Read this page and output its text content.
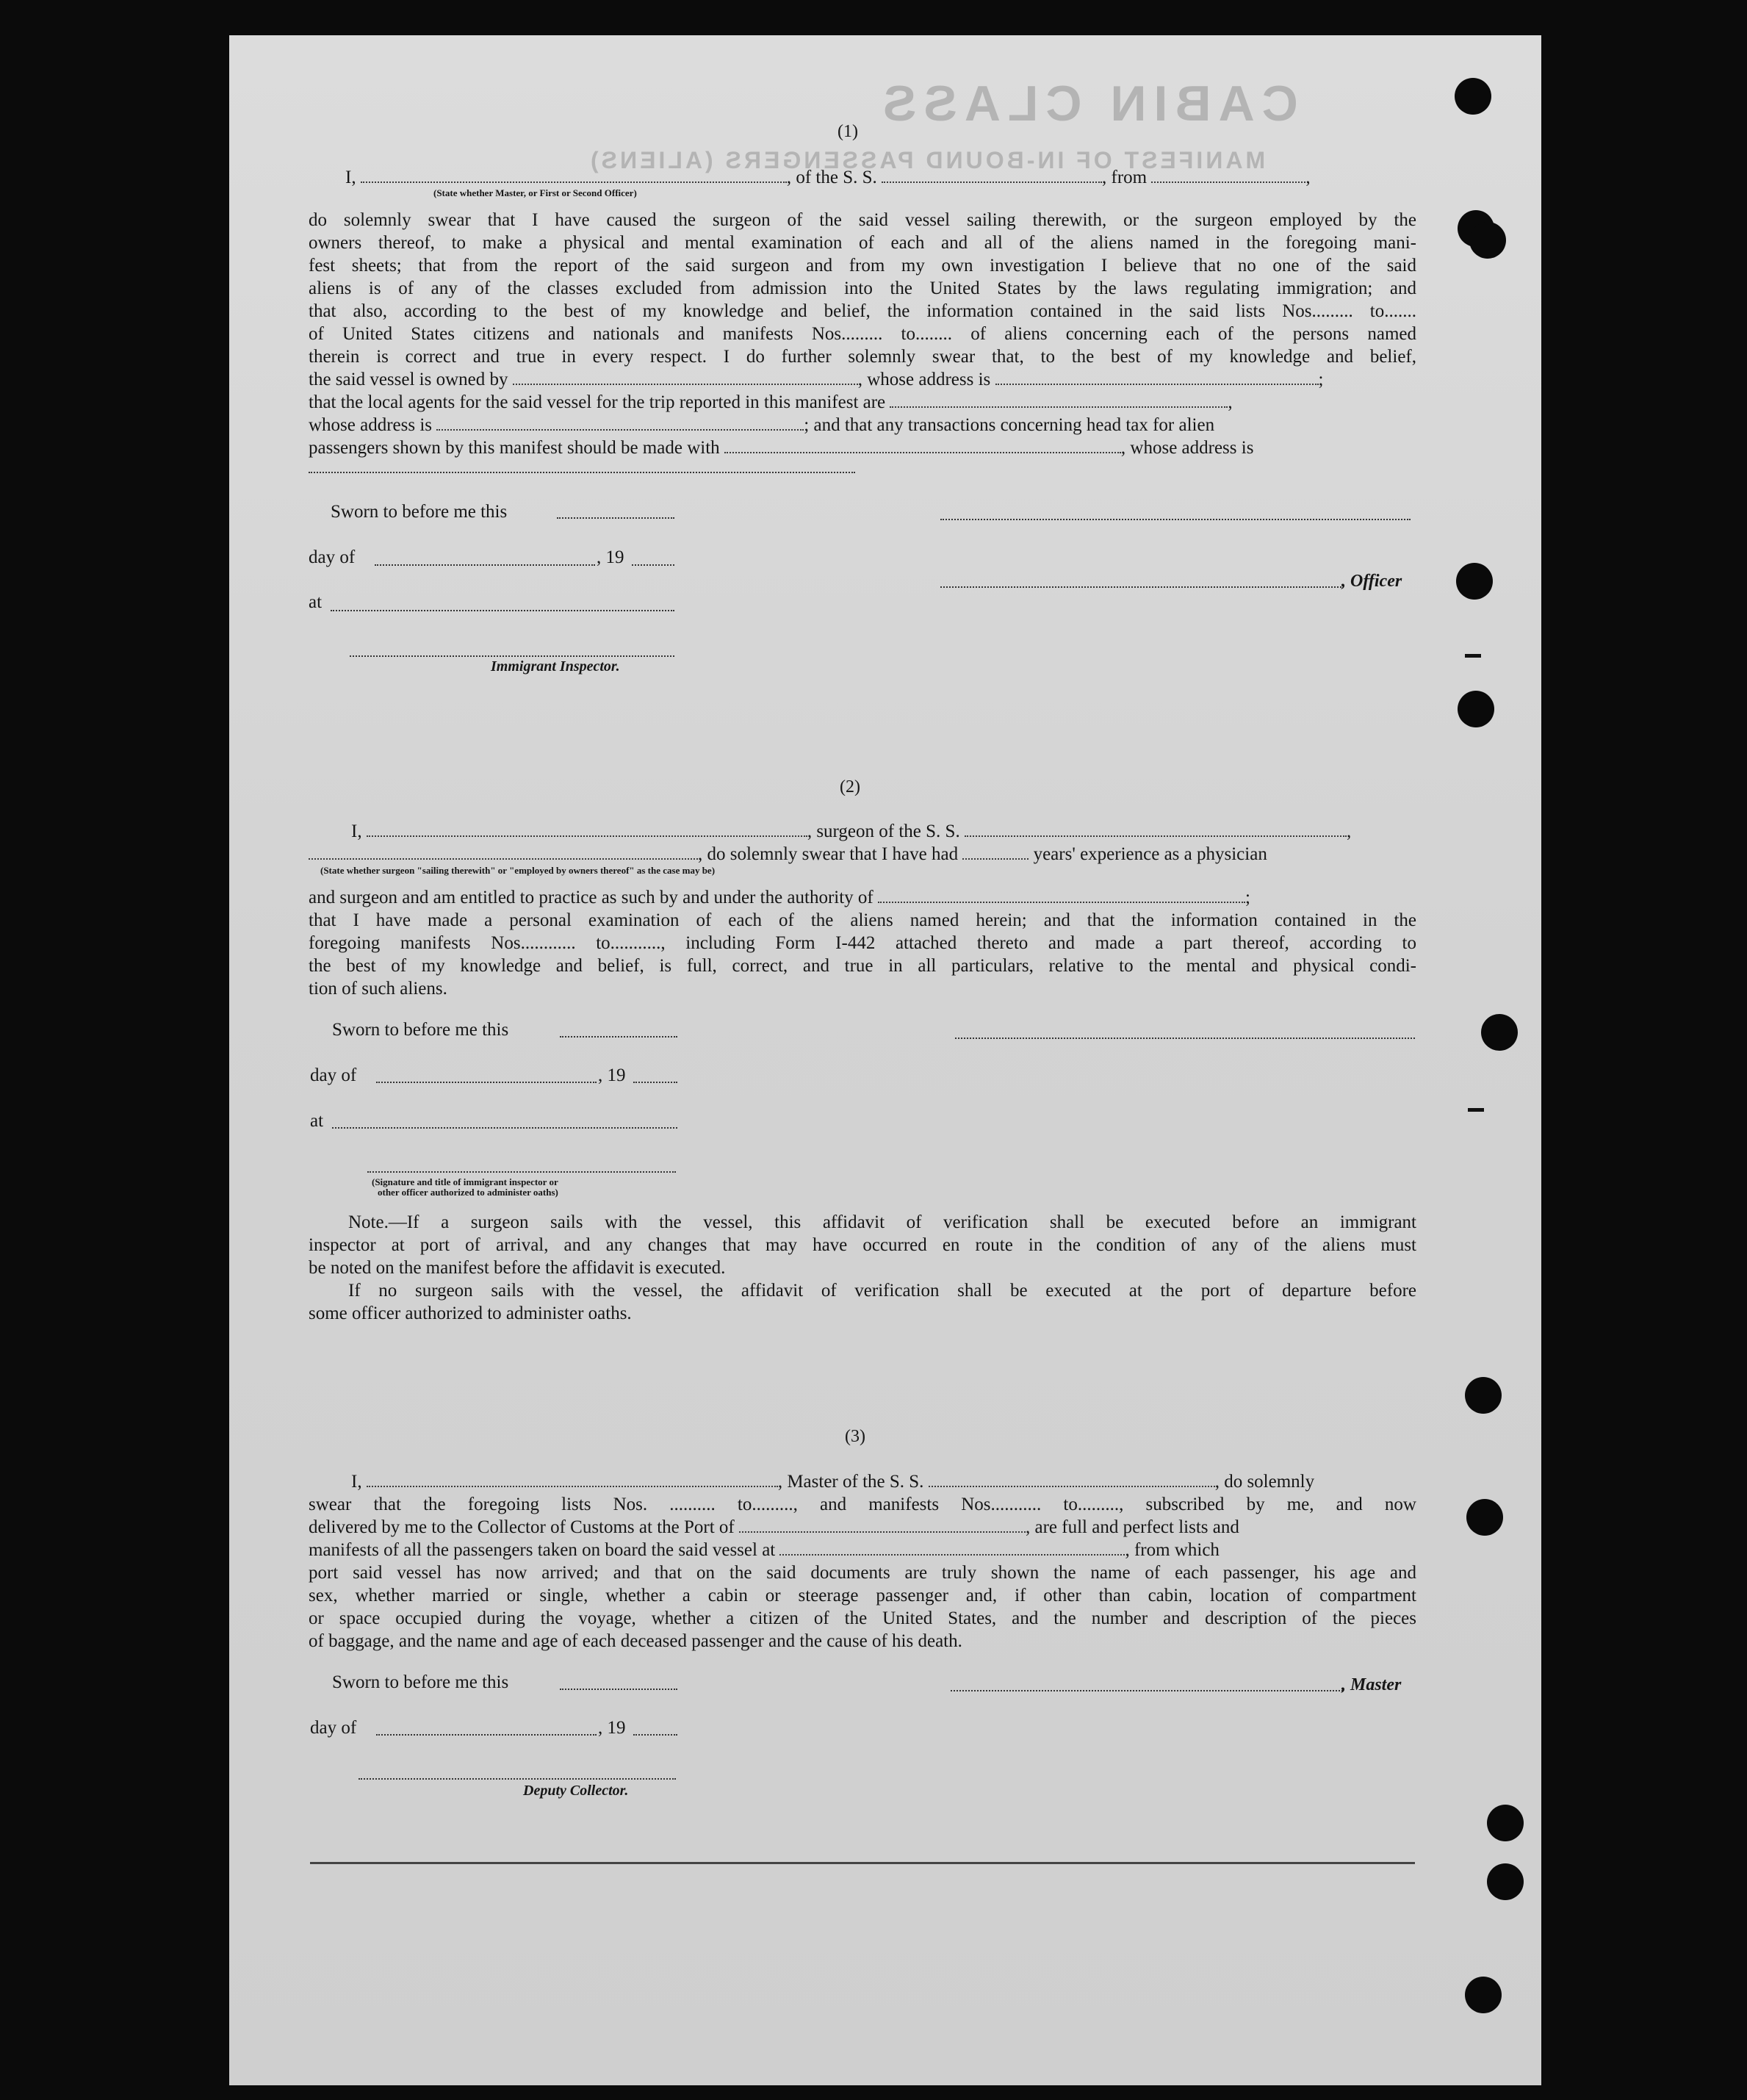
CABIN CLASS
MANIFEST OF IN-BOUND PASSENGERS (ALIENS)
(1)
I,	, of the S. S.	, from	,
(State whether Master, or First or Second Officer)
do solemnly swear that I have caused the surgeon of the said vessel sailing therewith, or the surgeon employed by the
owners thereof, to make a physical and mental examination of each and all of the aliens named in the foregoing mani-
fest sheets; that from the report of the said surgeon and from my own investigation I believe that no one of the said
aliens is of any of the classes excluded from admission into the United States by the laws regulating immigration; and
that also, according to the best of my knowledge and belief, the information contained in the said lists Nos......... to.......
of United States citizens and nationals and manifests Nos......... to........ of aliens concerning each of the persons named
therein is correct and true in every respect. I do further solemnly swear that, to the best of my knowledge and belief,
the said vessel is owned by	, whose address is	;
that the local agents for the said vessel for the trip reported in this manifest are	,
whose address is	; and that any transactions concerning head tax for alien
passengers shown by this manifest should be made with	, whose address is
Sworn to before me this
day of	, 19
, Officer
at
Immigrant Inspector.
(2)
I,	, surgeon of the S. S.	,
, do solemnly swear that I have had	years' experience as a physician
(State whether surgeon "sailing therewith" or "employed by owners thereof" as the case may be)
and surgeon and am entitled to practice as such by and under the authority of	;
that I have made a personal examination of each of the aliens named herein; and that the information contained in the
foregoing manifests Nos............ to..........., including Form I-442 attached thereto and made a part thereof, according to
the best of my knowledge and belief, is full, correct, and true in all particulars, relative to the mental and physical condi-
tion of such aliens.
Sworn to before me this
day of	, 19
at
(Signature and title of immigrant inspector or
other officer authorized to administer oaths)
Note.—If a surgeon sails with the vessel, this affidavit of verification shall be executed before an immigrant
inspector at port of arrival, and any changes that may have occurred en route in the condition of any of the aliens must
be noted on the manifest before the affidavit is executed.
If no surgeon sails with the vessel, the affidavit of verification shall be executed at the port of departure before
some officer authorized to administer oaths.
(3)
I,	, Master of the S. S.	, do solemnly
swear that the foregoing lists Nos. .......... to........., and manifests Nos........... to........., subscribed by me, and now
delivered by me to the Collector of Customs at the Port of	, are full and perfect lists and
manifests of all the passengers taken on board the said vessel at	, from which
port said vessel has now arrived; and that on the said documents are truly shown the name of each passenger, his age and
sex, whether married or single, whether a cabin or steerage passenger and, if other than cabin, location of compartment
or space occupied during the voyage, whether a citizen of the United States, and the number and description of the pieces
of baggage, and the name and age of each deceased passenger and the cause of his death.
Sworn to before me this	, Master
day of	, 19
Deputy Collector.
